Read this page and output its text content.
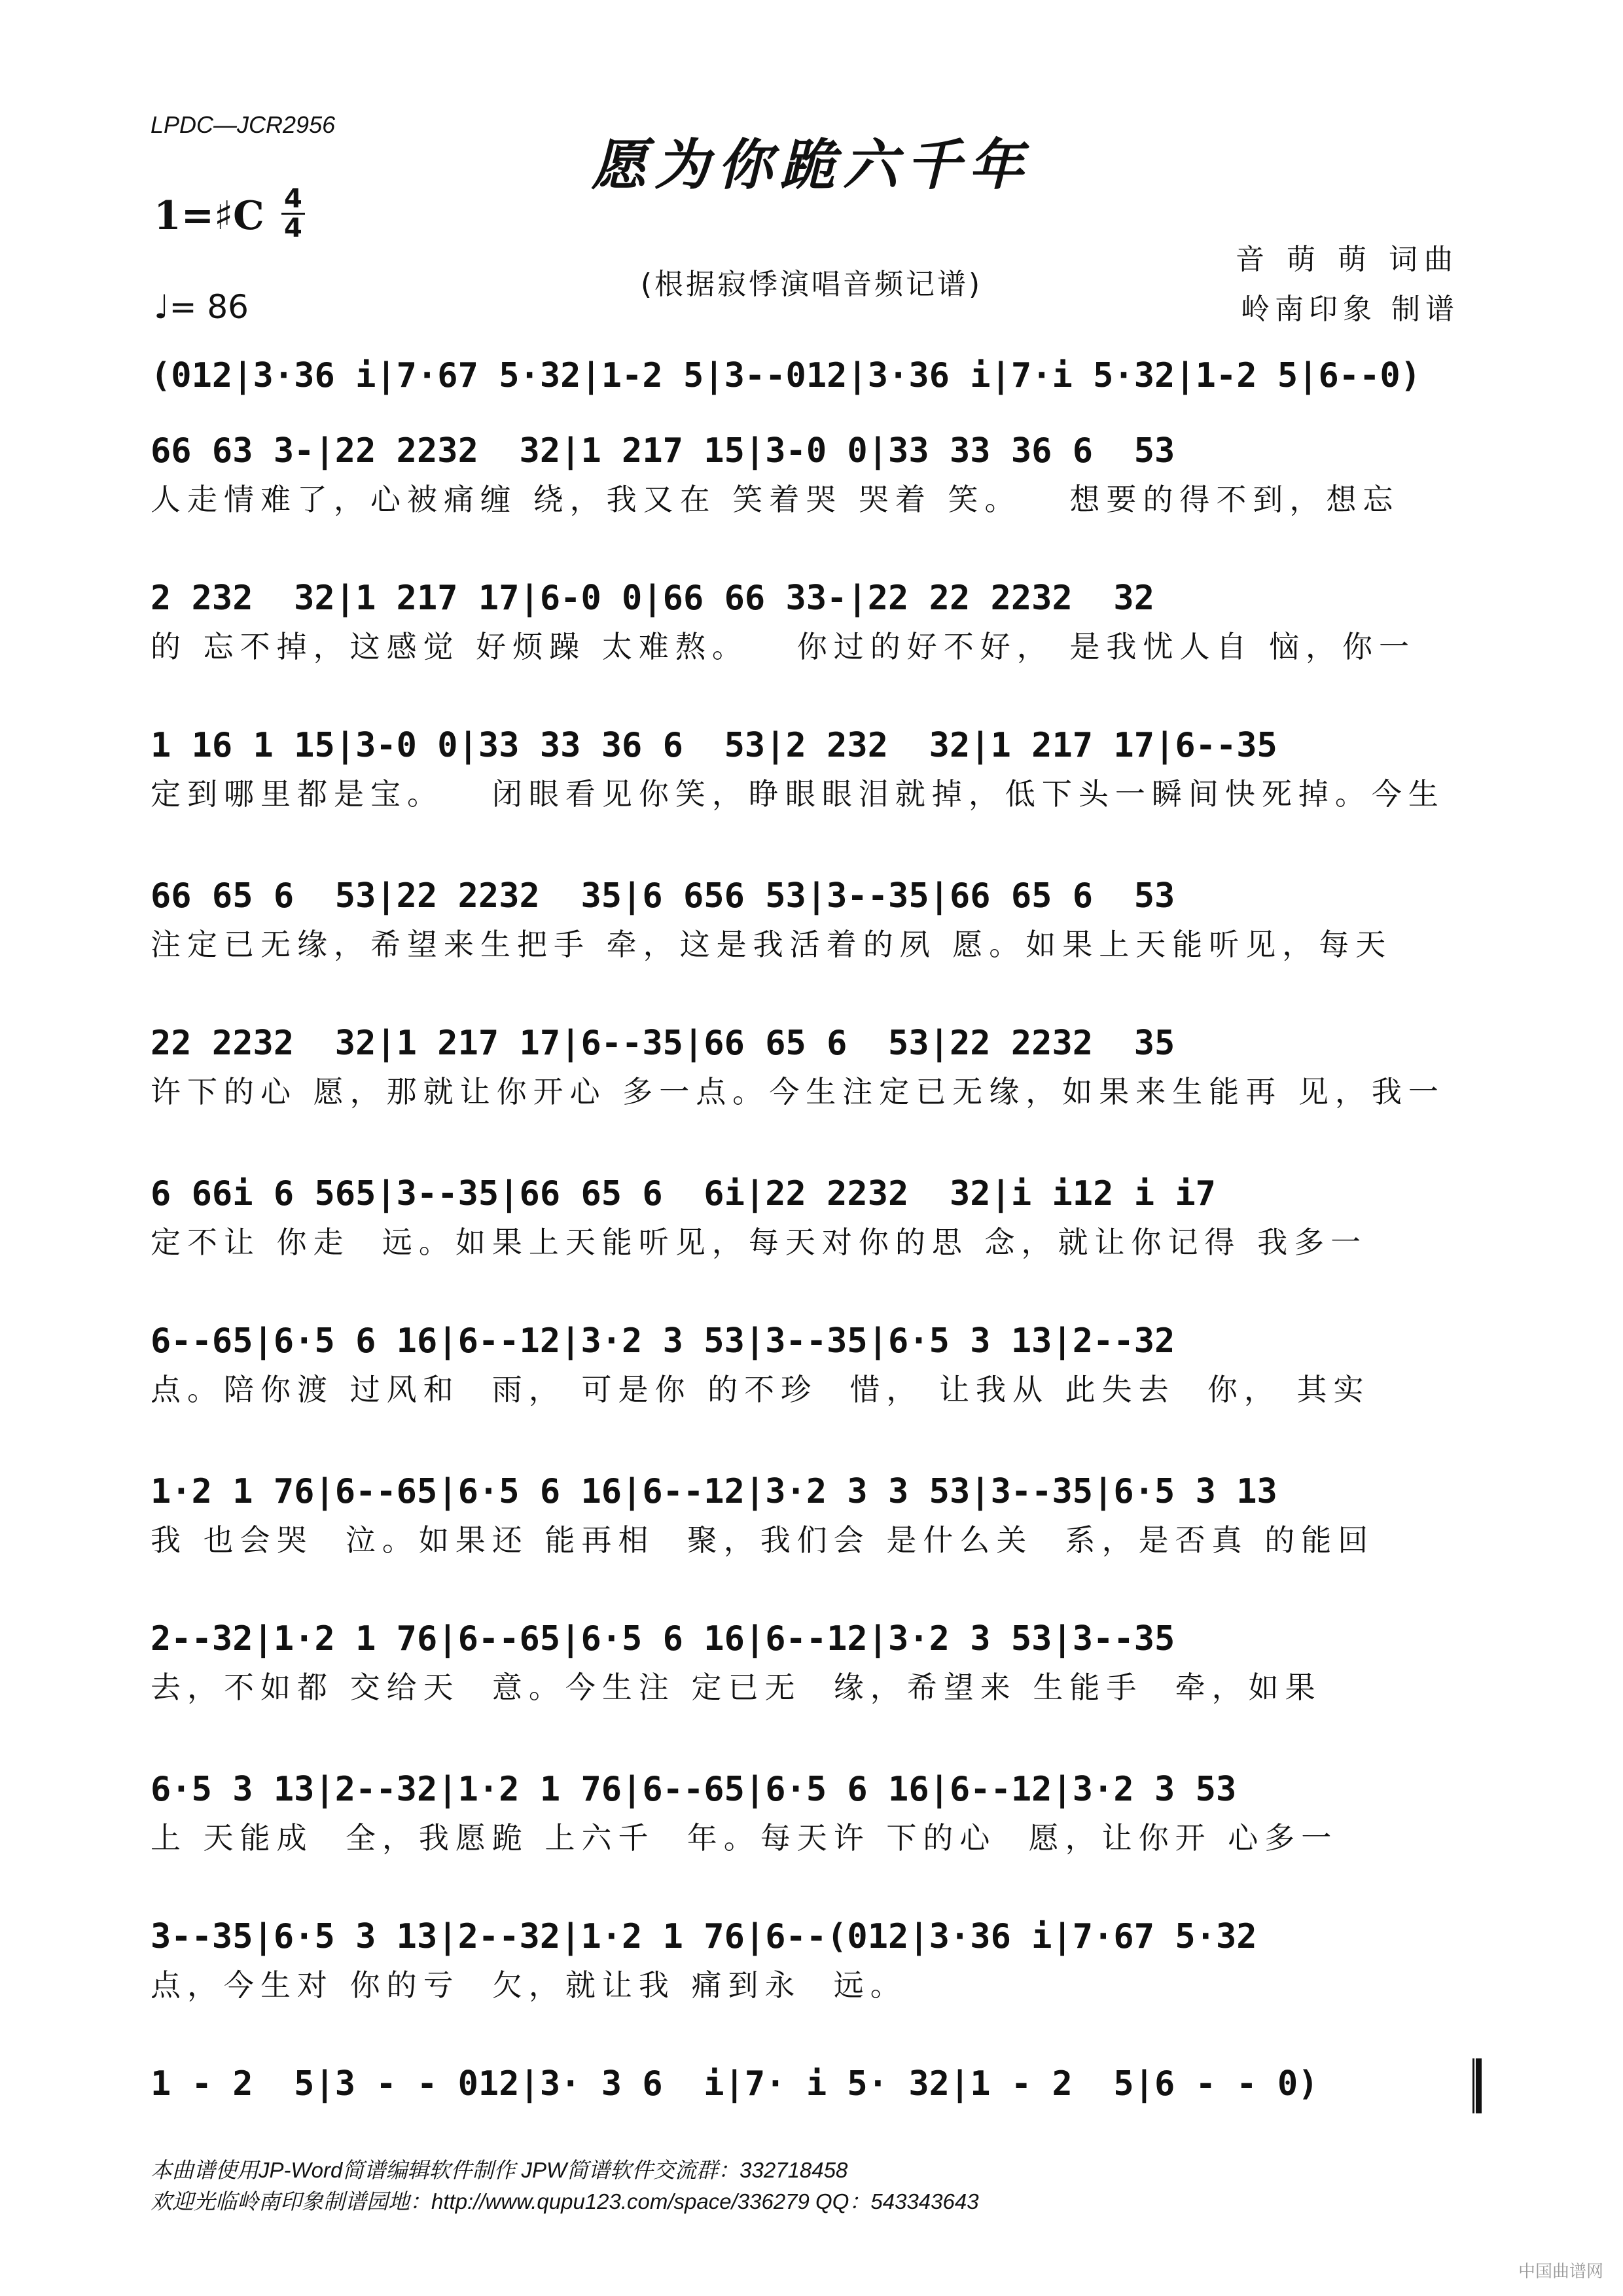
LPDC—JCR2956
愿为你跪六千年
1=♯C 4
4
♩= 86
(根据寂悸演唱音频记谱)
音 萌 萌 词曲
岭南印象 制谱
(012|3·36 i|7·67 5·32|1-2 5|3--012|3·36 i|7·i 5·32|1-2 5|6--0)
66 63 3-|22 2232  32|1 217 15|3-0 0|33 33 36 6  53
人走情难了，心被痛缠 绕，我又在 笑着哭 哭着 笑。   想要的得不到，想忘
2 232  32|1 217 17|6-0 0|66 66 33-|22 22 2232  32
的 忘不掉，这感觉 好烦躁 太难熬。   你过的好不好， 是我忧人自 恼，你一
1 16 1 15|3-0 0|33 33 36 6  53|2 232  32|1 217 17|6--35
定到哪里都是宝。   闭眼看见你笑，睁眼眼泪就掉，低下头一瞬间快死掉。今生
66 65 6  53|22 2232  35|6 656 53|3--35|66 65 6  53
注定已无缘，希望来生把手 牵，这是我活着的夙 愿。如果上天能听见，每天
22 2232  32|1 217 17|6--35|66 65 6  53|22 2232  35
许下的心 愿，那就让你开心 多一点。今生注定已无缘，如果来生能再 见，我一
6 66i 6 565|3--35|66 65 6  6i|22 2232  32|i i12 i i7
定不让 你走  远。如果上天能听见，每天对你的思 念，就让你记得 我多一
6--65|6·5 6 16|6--12|3·2 3 53|3--35|6·5 3 13|2--32
点。陪你渡 过风和  雨， 可是你 的不珍  惜， 让我从 此失去  你， 其实
1·2 1 76|6--65|6·5 6 16|6--12|3·2 3 3 53|3--35|6·5 3 13
我 也会哭  泣。如果还 能再相  聚，我们会 是什么关  系，是否真 的能回
2--32|1·2 1 76|6--65|6·5 6 16|6--12|3·2 3 53|3--35
去，不如都 交给天  意。今生注 定已无  缘，希望来 生能手  牵，如果
6·5 3 13|2--32|1·2 1 76|6--65|6·5 6 16|6--12|3·2 3 53
上 天能成  全，我愿跪 上六千  年。每天许 下的心  愿，让你开 心多一
3--35|6·5 3 13|2--32|1·2 1 76|6--(012|3·36 i|7·67 5·32
点，今生对 你的亏  欠，就让我 痛到永  远。

1 - 2  5|3 - - 012|3· 3 6  i|7· i 5· 32|1 - 2  5|6 - - 0)

本曲谱使用JP-Word简谱编辑软件制作 JPW简谱软件交流群：332718458
欢迎光临岭南印象制谱园地：http://www.qupu123.com/space/336279 QQ：543343643
中国曲谱网
